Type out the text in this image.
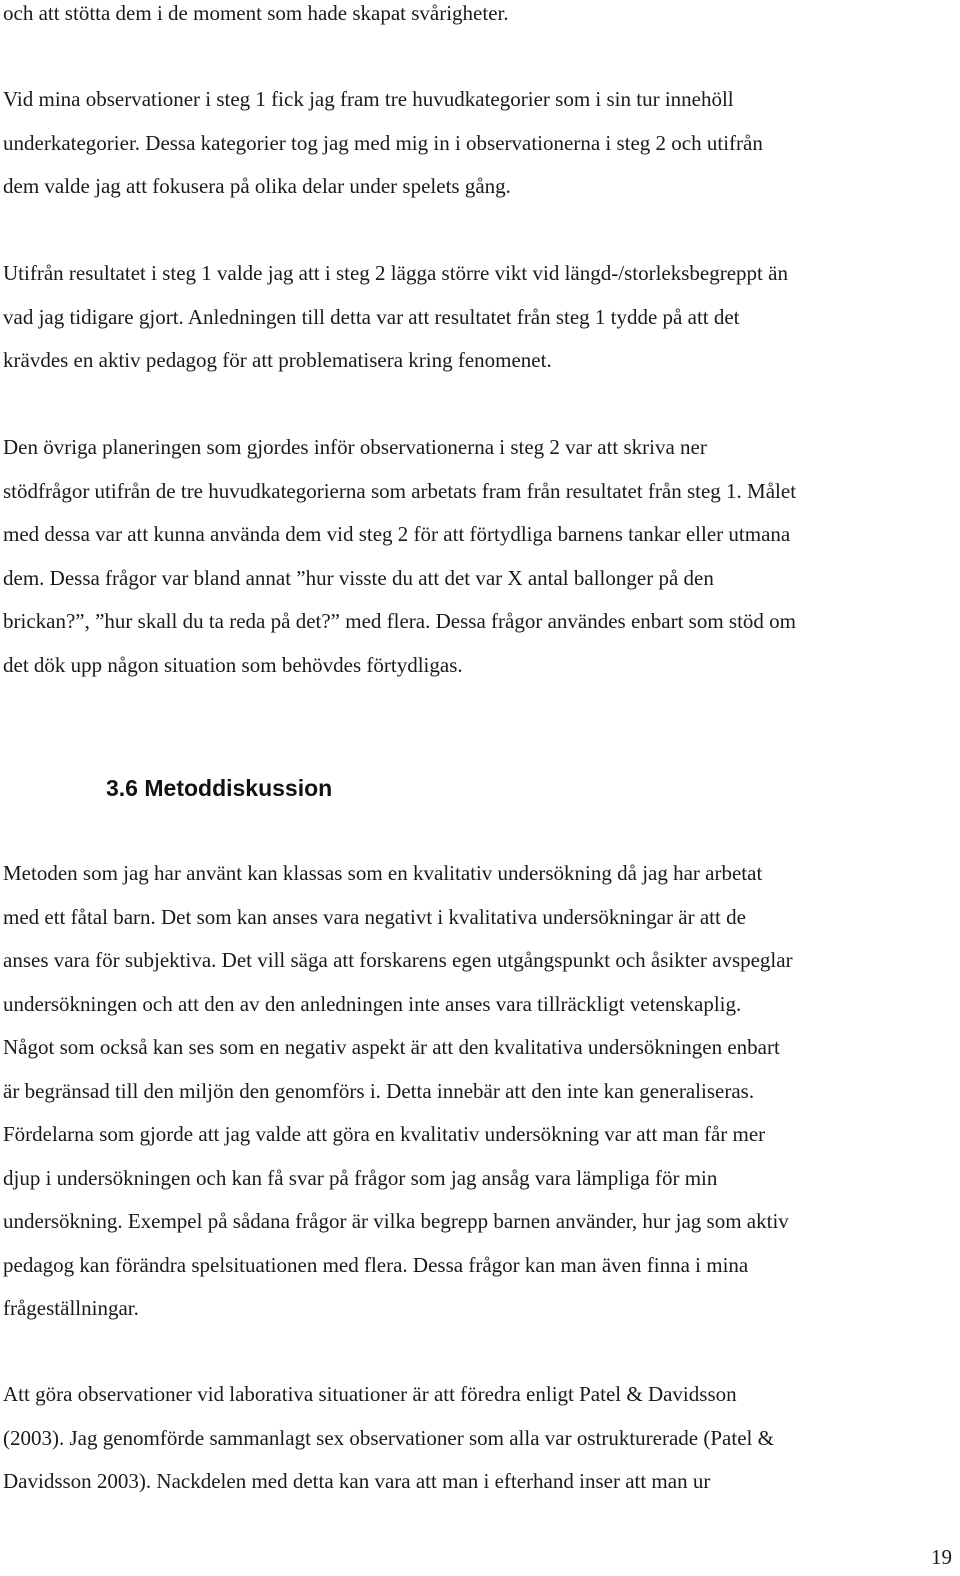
och att stötta dem i de moment som hade skapat svårigheter.

Vid mina observationer i steg 1 fick jag fram tre huvudkategorier som i sin tur innehöll
underkategorier. Dessa kategorier tog jag med mig in i observationerna i steg 2 och utifrån
dem valde jag att fokusera på olika delar under spelets gång.

Utifrån resultatet i steg 1 valde jag att i steg 2 lägga större vikt vid längd-/storleksbegreppt än
vad jag tidigare gjort. Anledningen till detta var att resultatet från steg 1 tydde på att det
krävdes en aktiv pedagog för att problematisera kring fenomenet.

Den övriga planeringen som gjordes inför observationerna i steg 2 var att skriva ner
stödfrågor utifrån de tre huvudkategorierna som arbetats fram från resultatet från steg 1. Målet
med dessa var att kunna använda dem vid steg 2 för att förtydliga barnens tankar eller utmana
dem. Dessa frågor var bland annat ”hur visste du att det var X antal ballonger på den
brickan?”, ”hur skall du ta reda på det?” med flera. Dessa frågor användes enbart som stöd om
det dök upp någon situation som behövdes förtydligas.

3.6 Metoddiskussion

Metoden som jag har använt kan klassas som en kvalitativ undersökning då jag har arbetat
med ett fåtal barn. Det som kan anses vara negativt i kvalitativa undersökningar är att de
anses vara för subjektiva. Det vill säga att forskarens egen utgångspunkt och åsikter avspeglar
undersökningen och att den av den anledningen inte anses vara tillräckligt vetenskaplig.
Något som också kan ses som en negativ aspekt är att den kvalitativa undersökningen enbart
är begränsad till den miljön den genomförs i. Detta innebär att den inte kan generaliseras.
Fördelarna som gjorde att jag valde att göra en kvalitativ undersökning var att man får mer
djup i undersökningen och kan få svar på frågor som jag ansåg vara lämpliga för min
undersökning. Exempel på sådana frågor är vilka begrepp barnen använder, hur jag som aktiv
pedagog kan förändra spelsituationen med flera. Dessa frågor kan man även finna i mina
frågeställningar.

Att göra observationer vid laborativa situationer är att föredra enligt Patel & Davidsson
(2003). Jag genomförde sammanlagt sex observationer som alla var ostrukturerade (Patel &
Davidsson 2003). Nackdelen med detta kan vara att man i efterhand inser att man ur

19
